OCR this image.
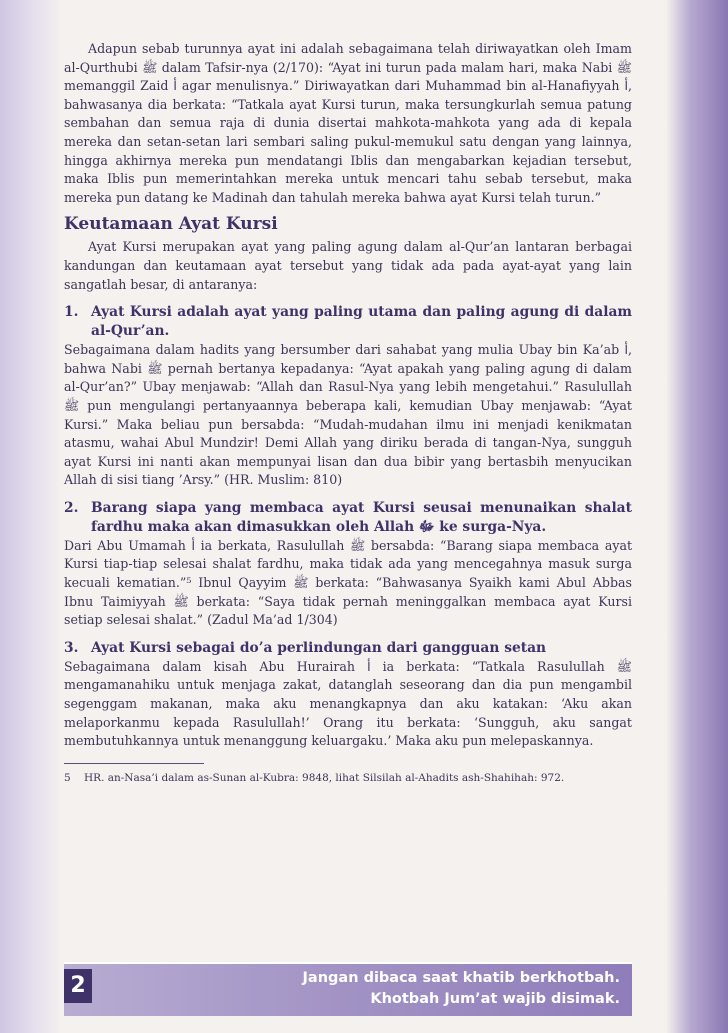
Adapun sebab turunnya ayat ini adalah sebagaimana telah diriwayatkan oleh Imam al-Qurthubi ﷺ dalam Tafsir-nya (2/170): “Ayat ini turun pada malam hari, maka Nabi ﷺ memanggil Zaid أ agar menulisnya.” Diriwayatkan dari Muhammad bin al-Hanafiyyah أ, bahwasanya dia berkata: “Tatkala ayat Kursi turun, maka tersungkurlah semua patung sembahan dan semua raja di dunia disertai mahkota-mahkota yang ada di kepala mereka dan setan-setan lari sembari saling pukul-memukul satu dengan yang lainnya, hingga akhirnya mereka pun mendatangi Iblis dan mengabarkan kejadian tersebut, maka Iblis pun memerintahkan mereka untuk mencari tahu sebab tersebut, maka mereka pun datang ke Madinah dan tahulah mereka bahwa ayat Kursi telah turun.”

Keutamaan Ayat Kursi

Ayat Kursi merupakan ayat yang paling agung dalam al-Qur’an lantaran berbagai kandungan dan keutamaan ayat tersebut yang tidak ada pada ayat-ayat yang lain sangatlah besar, di antaranya:

1. Ayat Kursi adalah ayat yang paling utama dan paling agung di dalam al-Qur’an.

Sebagaimana dalam hadits yang bersumber dari sahabat yang mulia Ubay bin Ka’ab أ, bahwa Nabi ﷺ pernah bertanya kepadanya: “Ayat apakah yang paling agung di dalam al-Qur’an?” Ubay menjawab: “Allah dan Rasul-Nya yang lebih mengetahui.” Rasulullah ﷺ pun mengulangi pertanyaannya beberapa kali, kemudian Ubay menjawab: “Ayat Kursi.” Maka beliau pun bersabda: “Mudah-mudahan ilmu ini menjadi kenikmatan atasmu, wahai Abul Mundzir! Demi Allah yang diriku berada di tangan-Nya, sungguh ayat Kursi ini nanti akan mempunyai lisan dan dua bibir yang bertasbih menyucikan Allah di sisi tiang ’Arsy.” (HR. Muslim: 810)

2. Barang siapa yang membaca ayat Kursi seusai menunaikan shalat fardhu maka akan dimasukkan oleh Allah ﷻ ke surga-Nya.

Dari Abu Umamah أ ia berkata, Rasulullah ﷺ bersabda: “Barang siapa membaca ayat Kursi tiap-tiap selesai shalat fardhu, maka tidak ada yang mencegahnya masuk surga kecuali kematian.”⁵ Ibnul Qayyim ﷺ berkata: “Bahwasanya Syaikh kami Abul Abbas Ibnu Taimiyyah ﷺ berkata: “Saya tidak pernah meninggalkan membaca ayat Kursi setiap selesai shalat.” (Zadul Ma’ad 1/304)

3. Ayat Kursi sebagai do’a perlindungan dari gangguan setan

Sebagaimana dalam kisah Abu Hurairah أ ia berkata: “Tatkala Rasulullah ﷺ mengamanahiku untuk menjaga zakat, datanglah seseorang dan dia pun mengambil segenggam makanan, maka aku menangkapnya dan aku katakan: ‘Aku akan melaporkanmu kepada Rasulullah!’ Orang itu berkata: ‘Sungguh, aku sangat membutuhkannya untuk menanggung keluargaku.’ Maka aku pun melepaskannya.

5 HR. an-Nasa’i dalam as-Sunan al-Kubra: 9848, lihat Silsilah al-Ahadits ash-Shahihah: 972.
2	Jangan dibaca saat khatib berkhotbah.
Khotbah Jum’at wajib disimak.
